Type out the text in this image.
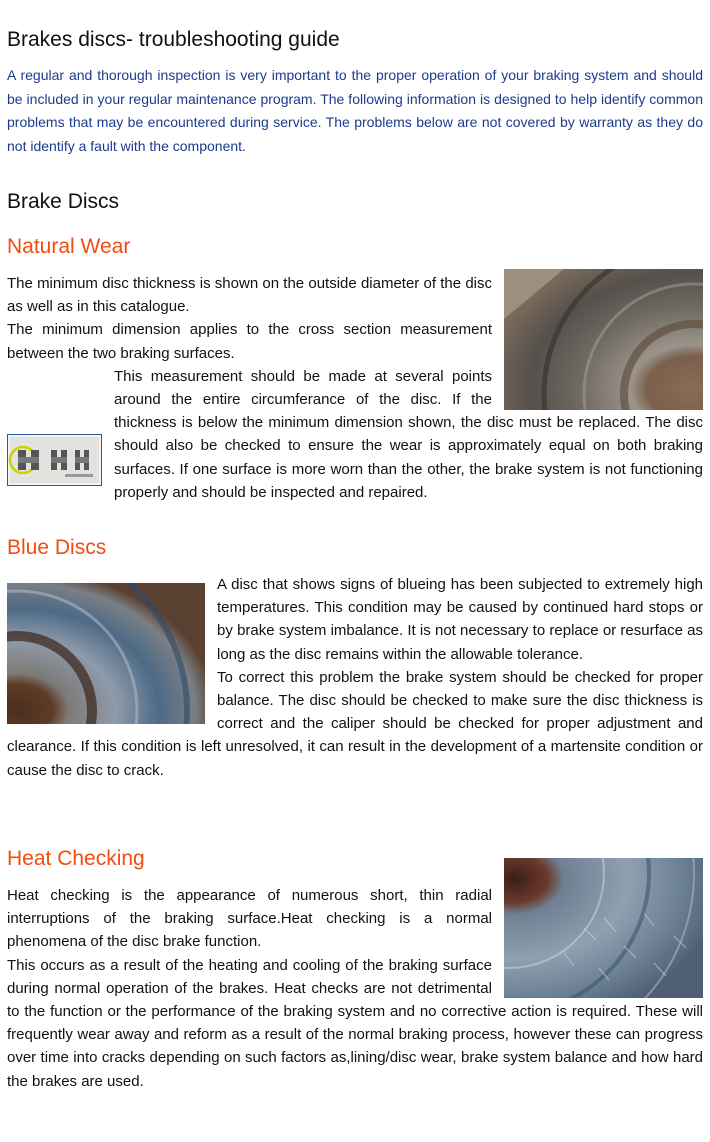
Brakes discs- troubleshooting guide

A regular and thorough inspection is very important to the proper operation of your braking system and should be included in your regular maintenance program. The following information is designed to help identify common problems that may be encountered during service. The problems below are not covered by warranty as they do not identify a fault with the component.

Brake Discs
Natural Wear

The minimum disc thickness is shown on the outside diameter of the disc as well as in this catalogue.

The minimum dimension applies to the cross section measurement between the two braking surfaces.

This measurement should be made at several points around the entire circumferance of the disc. If the thickness is below the minimum dimension shown, the disc must be replaced. The disc should also be checked to ensure the wear is approximately equal on both braking surfaces. If one surface is more worn than the other, the brake system is not functioning properly and should be inspected and repaired.

Blue Discs

A disc that shows signs of blueing has been subjected to extremely high temperatures. This condition may be caused by continued hard stops or by brake system imbalance. It is not necessary to replace or resurface as long as the disc remains within the allowable tolerance.

To correct this problem the brake system should be checked for proper balance. The disc should be checked to make sure the disc thickness is correct and the caliper should be checked for proper adjustment and clearance. If this condition is left unresolved, it can result in the development of a martensite condition or cause the disc to crack.

Heat Checking

Heat checking is the appearance of numerous short, thin radial interruptions of the braking surface.Heat checking is a normal phenomena of the disc brake function.

This occurs as a result of the heating and cooling of the braking surface during normal operation of the brakes. Heat checks are not detrimental to the function or the performance of the braking system and no corrective action is required. These will frequently wear away and reform as a result of the normal braking process, however these can progress over time into cracks depending on such factors as,lining/disc wear, brake system balance and how hard the brakes are used.
